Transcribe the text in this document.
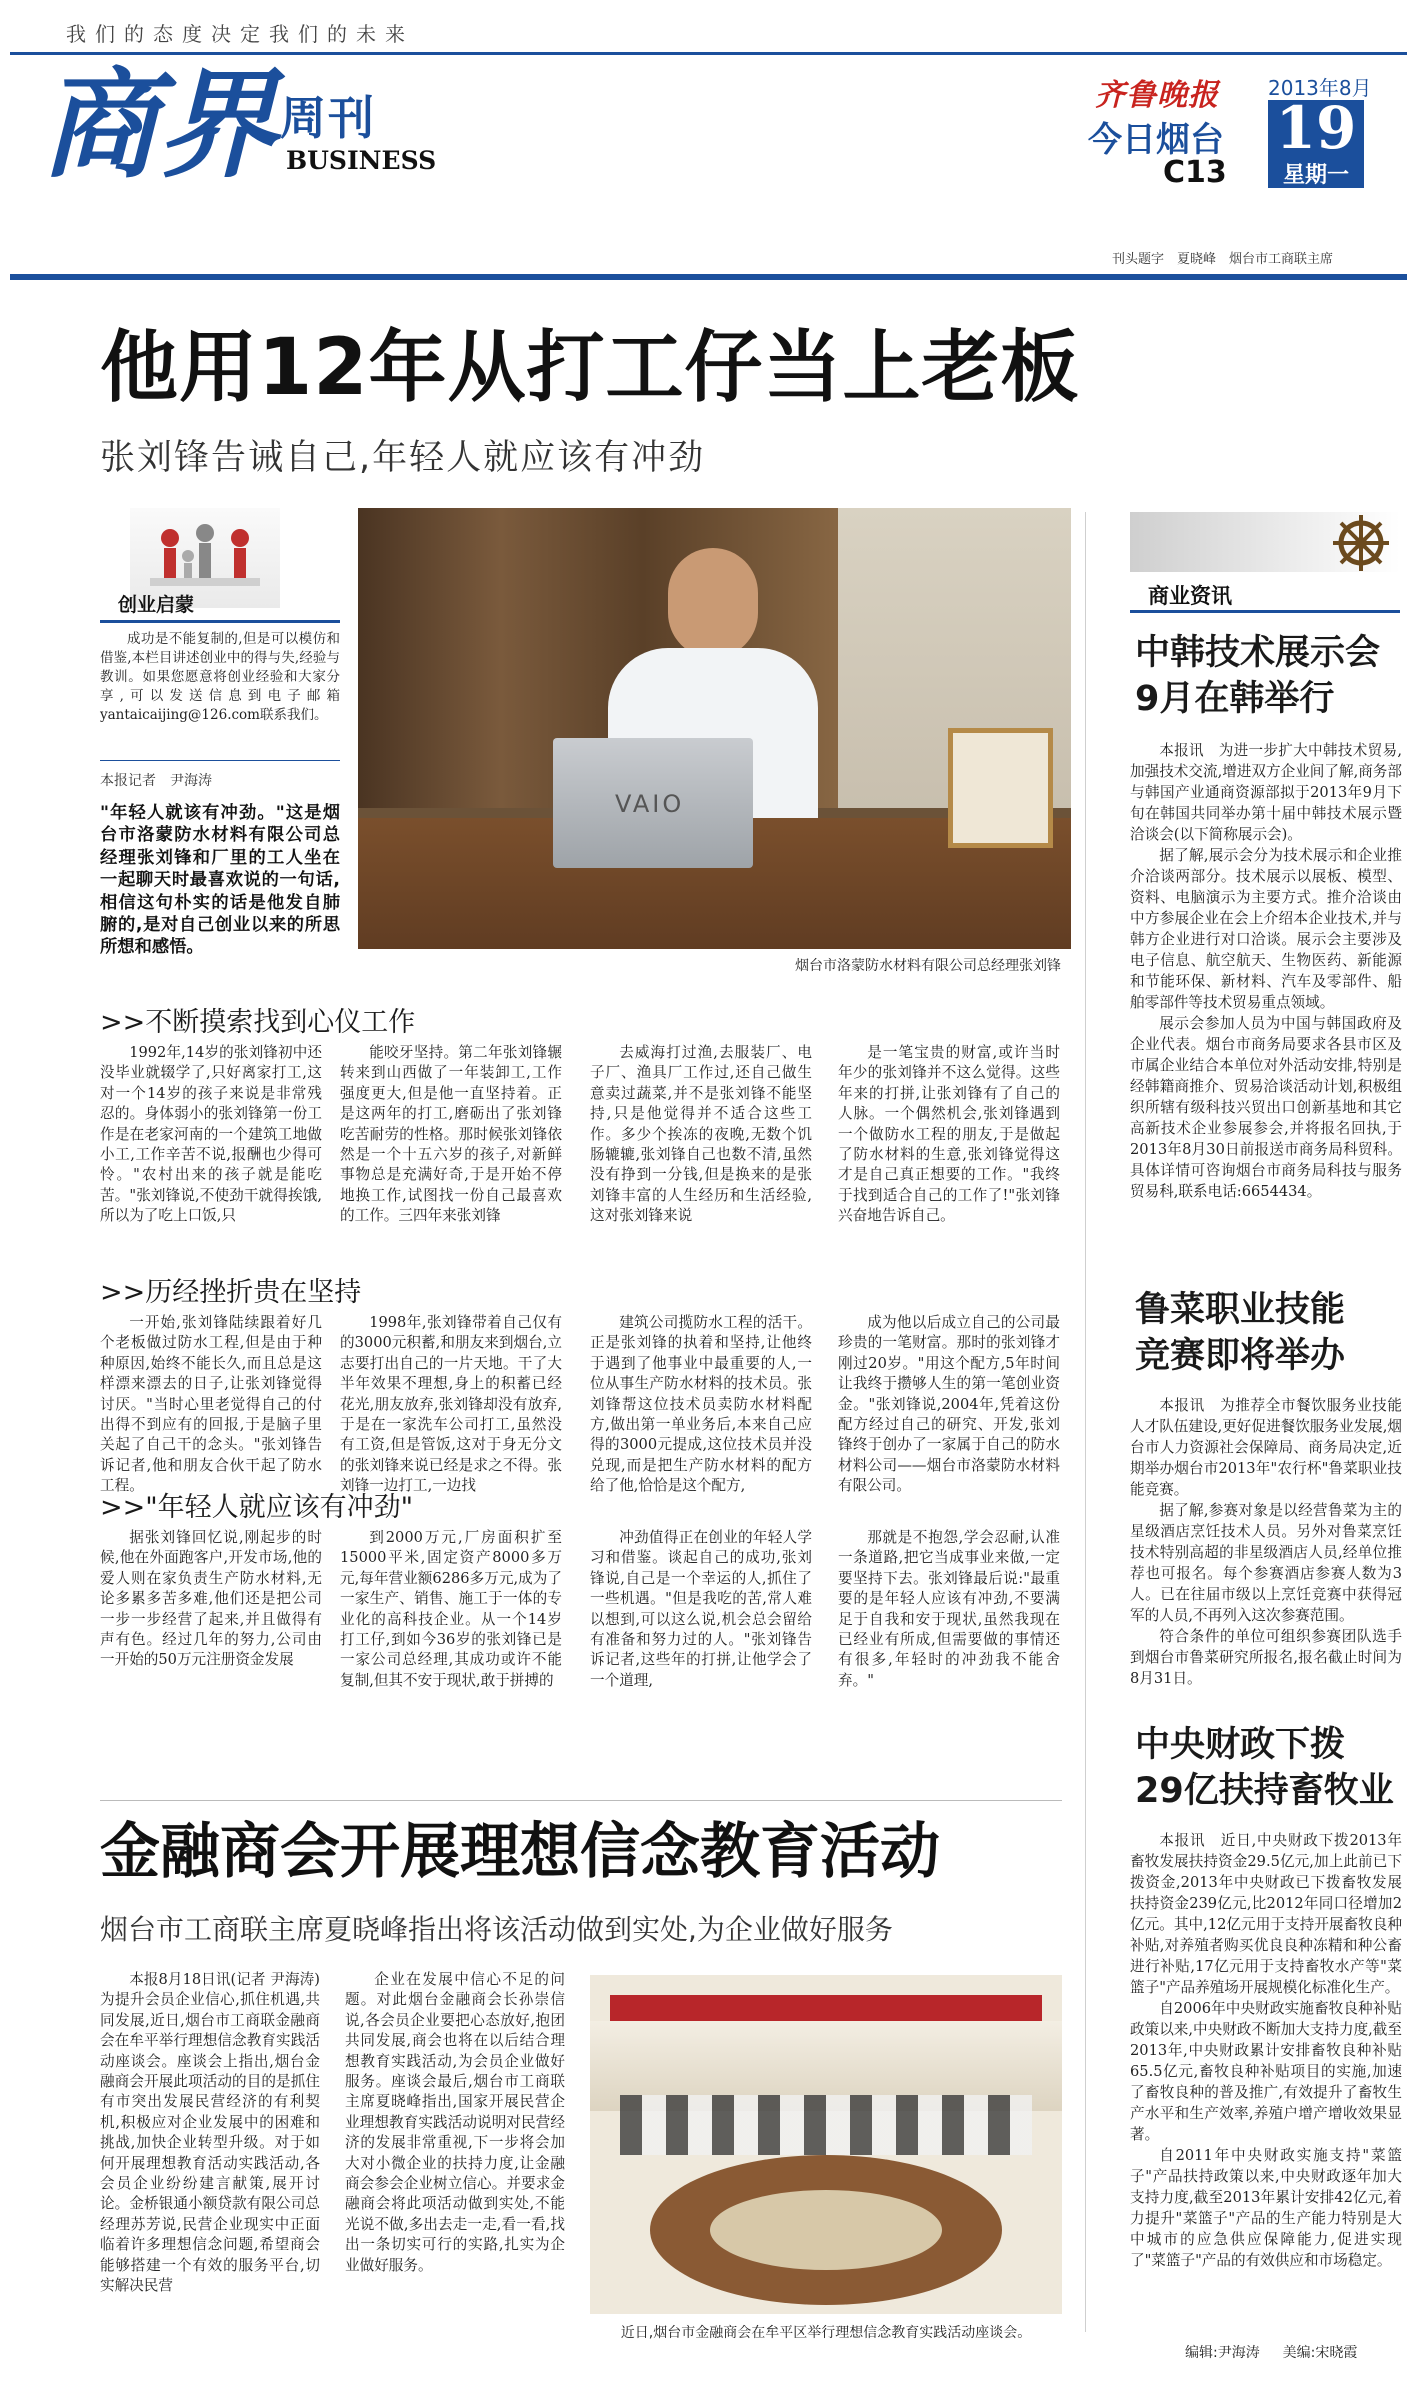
我们的态度决定我们的未来
商 界 周刊
BUSINESS
齐鲁晚报
今日烟台
C13
2013年8月
19
星期一
刊头题字　夏晓峰　烟台市工商联主席
他用12年从打工仔当上老板
张刘锋告诫自己,年轻人就应该有冲劲
创业启蒙

成功是不能复制的,但是可以模仿和借鉴,本栏目讲述创业中的得与失,经验与教训。如果您愿意将创业经验和大家分享,可以发送信息到电子邮箱yantaicaijing@126.com联系我们。

本报记者　尹海涛
"年轻人就该有冲劲。"这是烟台市洛蒙防水材料有限公司总经理张刘锋和厂里的工人坐在一起聊天时最喜欢说的一句话,相信这句朴实的话是他发自肺腑的,是对自己创业以来的所思所想和感悟。
VAIO
烟台市洛蒙防水材料有限公司总经理张刘锋
>>不断摸索找到心仪工作

1992年,14岁的张刘锋初中还没毕业就辍学了,只好离家打工,这对一个14岁的孩子来说是非常残忍的。身体弱小的张刘锋第一份工作是在老家河南的一个建筑工地做小工,工作辛苦不说,报酬也少得可怜。"农村出来的孩子就是能吃苦。"张刘锋说,不使劲干就得挨饿,所以为了吃上口饭,只

能咬牙坚持。第二年张刘锋辗转来到山西做了一年装卸工,工作强度更大,但是他一直坚持着。正是这两年的打工,磨砺出了张刘锋吃苦耐劳的性格。那时候张刘锋依然是一个十五六岁的孩子,对新鲜事物总是充满好奇,于是开始不停地换工作,试图找一份自己最喜欢的工作。三四年来张刘锋

去威海打过渔,去服装厂、电子厂、渔具厂工作过,还自己做生意卖过蔬菜,并不是张刘锋不能坚持,只是他觉得并不适合这些工作。多少个挨冻的夜晚,无数个饥肠辘辘,张刘锋自己也数不清,虽然没有挣到一分钱,但是换来的是张刘锋丰富的人生经历和生活经验,这对张刘锋来说

是一笔宝贵的财富,或许当时年少的张刘锋并不这么觉得。这些年来的打拼,让张刘锋有了自己的人脉。一个偶然机会,张刘锋遇到一个做防水工程的朋友,于是做起了防水材料的生意,张刘锋觉得这才是自己真正想要的工作。"我终于找到适合自己的工作了!"张刘锋兴奋地告诉自己。

>>历经挫折贵在坚持

一开始,张刘锋陆续跟着好几个老板做过防水工程,但是由于种种原因,始终不能长久,而且总是这样漂来漂去的日子,让张刘锋觉得讨厌。"当时心里老觉得自己的付出得不到应有的回报,于是脑子里关起了自己干的念头。"张刘锋告诉记者,他和朋友合伙干起了防水工程。

1998年,张刘锋带着自己仅有的3000元积蓄,和朋友来到烟台,立志要打出自己的一片天地。干了大半年效果不理想,身上的积蓄已经花光,朋友放弃,张刘锋却没有放弃,于是在一家洗车公司打工,虽然没有工资,但是管饭,这对于身无分文的张刘锋来说已经是求之不得。张刘锋一边打工,一边找

建筑公司揽防水工程的活干。正是张刘锋的执着和坚持,让他终于遇到了他事业中最重要的人,一位从事生产防水材料的技术员。张刘锋帮这位技术员卖防水材料配方,做出第一单业务后,本来自己应得的3000元提成,这位技术员并没兑现,而是把生产防水材料的配方给了他,恰恰是这个配方,

成为他以后成立自己的公司最珍贵的一笔财富。那时的张刘锋才刚过20岁。"用这个配方,5年时间让我终于攒够人生的第一笔创业资金。"张刘锋说,2004年,凭着这份配方经过自己的研究、开发,张刘锋终于创办了一家属于自己的防水材料公司——烟台市洛蒙防水材料有限公司。

>>"年轻人就应该有冲劲"

据张刘锋回忆说,刚起步的时候,他在外面跑客户,开发市场,他的爱人则在家负责生产防水材料,无论多累多苦多难,他们还是把公司一步一步经营了起来,并且做得有声有色。经过几年的努力,公司由一开始的50万元注册资金发展

到2000万元,厂房面积扩至15000平米,固定资产8000多万元,每年营业额6286多万元,成为了一家生产、销售、施工于一体的专业化的高科技企业。从一个14岁打工仔,到如今36岁的张刘锋已是一家公司总经理,其成功或许不能复制,但其不安于现状,敢于拼搏的

冲劲值得正在创业的年轻人学习和借鉴。谈起自己的成功,张刘锋说,自己是一个幸运的人,抓住了一些机遇。"但是我吃的苦,常人难以想到,可以这么说,机会总会留给有准备和努力过的人。"张刘锋告诉记者,这些年的打拼,让他学会了一个道理,

那就是不抱怨,学会忍耐,认准一条道路,把它当成事业来做,一定要坚持下去。张刘锋最后说:"最重要的是年轻人应该有冲劲,不要满足于自我和安于现状,虽然我现在已经业有所成,但需要做的事情还有很多,年轻时的冲劲我不能舍弃。"

金融商会开展理想信念教育活动
烟台市工商联主席夏晓峰指出将该活动做到实处,为企业做好服务

本报8月18日讯(记者 尹海涛) 为提升会员企业信心,抓住机遇,共同发展,近日,烟台市工商联金融商会在牟平举行理想信念教育实践活动座谈会。座谈会上指出,烟台金融商会开展此项活动的目的是抓住有市突出发展民营经济的有利契机,积极应对企业发展中的困难和挑战,加快企业转型升级。对于如何开展理想教育活动实践活动,各会员企业纷纷建言献策,展开讨论。金桥银通小额贷款有限公司总经理苏芳说,民营企业现实中正面临着许多理想信念问题,希望商会能够搭建一个有效的服务平台,切实解决民营

企业在发展中信心不足的问题。对此烟台金融商会长孙崇信说,各会员企业要把心态放好,抱团共同发展,商会也将在以后结合理想教育实践活动,为会员企业做好服务。座谈会最后,烟台市工商联主席夏晓峰指出,国家开展民营企业理想教育实践活动说明对民营经济的发展非常重视,下一步将会加大对小微企业的扶持力度,让金融商会参会企业树立信心。并要求金融商会将此项活动做到实处,不能光说不做,多出去走一走,看一看,找出一条切实可行的实路,扎实为企业做好服务。

近日,烟台市金融商会在牟平区举行理想信念教育实践活动座谈会。
商业资讯
中韩技术展示会
9月在韩举行

本报讯　为进一步扩大中韩技术贸易,加强技术交流,增进双方企业间了解,商务部与韩国产业通商资源部拟于2013年9月下旬在韩国共同举办第十届中韩技术展示暨洽谈会(以下简称展示会)。

据了解,展示会分为技术展示和企业推介洽谈两部分。技术展示以展板、模型、资料、电脑演示为主要方式。推介洽谈由中方参展企业在会上介绍本企业技术,并与韩方企业进行对口洽谈。展示会主要涉及电子信息、航空航天、生物医药、新能源和节能环保、新材料、汽车及零部件、船舶零部件等技术贸易重点领域。

展示会参加人员为中国与韩国政府及企业代表。烟台市商务局要求各县市区及市属企业结合本单位对外活动安排,特别是经韩籍商推介、贸易洽谈活动计划,积极组织所辖有级科技兴贸出口创新基地和其它高新技术企业参展参会,并将报名回执,于2013年8月30日前报送市商务局科贸科。具体详情可咨询烟台市商务局科技与服务贸易科,联系电话:6654434。

鲁菜职业技能
竞赛即将举办

本报讯　为推荐全市餐饮服务业技能人才队伍建设,更好促进餐饮服务业发展,烟台市人力资源社会保障局、商务局决定,近期举办烟台市2013年"农行杯"鲁菜职业技能竞赛。

据了解,参赛对象是以经营鲁菜为主的星级酒店烹饪技术人员。另外对鲁菜烹饪技术特别高超的非星级酒店人员,经单位推荐也可报名。每个参赛酒店参赛人数为3人。已在往届市级以上烹饪竞赛中获得冠军的人员,不再列入这次参赛范围。

符合条件的单位可组织参赛团队选手到烟台市鲁菜研究所报名,报名截止时间为8月31日。

中央财政下拨
29亿扶持畜牧业

本报讯　近日,中央财政下拨2013年畜牧发展扶持资金29.5亿元,加上此前已下拨资金,2013年中央财政已下拨畜牧发展扶持资金239亿元,比2012年同口径增加2亿元。其中,12亿元用于支持开展畜牧良种补贴,对养殖者购买优良良种冻精和种公畜进行补贴,17亿元用于支持畜牧水产等"菜篮子"产品养殖场开展规模化标准化生产。

自2006年中央财政实施畜牧良种补贴政策以来,中央财政不断加大支持力度,截至2013年,中央财政累计安排畜牧良种补贴65.5亿元,畜牧良种补贴项目的实施,加速了畜牧良种的普及推广,有效提升了畜牧生产水平和生产效率,养殖户增产增收效果显著。

自2011年中央财政实施支持"菜篮子"产品扶持政策以来,中央财政逐年加大支持力度,截至2013年累计安排42亿元,着力提升"菜篮子"产品的生产能力特别是大中城市的应急供应保障能力,促进实现了"菜篮子"产品的有效供应和市场稳定。

编辑:尹海涛 　 美编:宋晓霞
